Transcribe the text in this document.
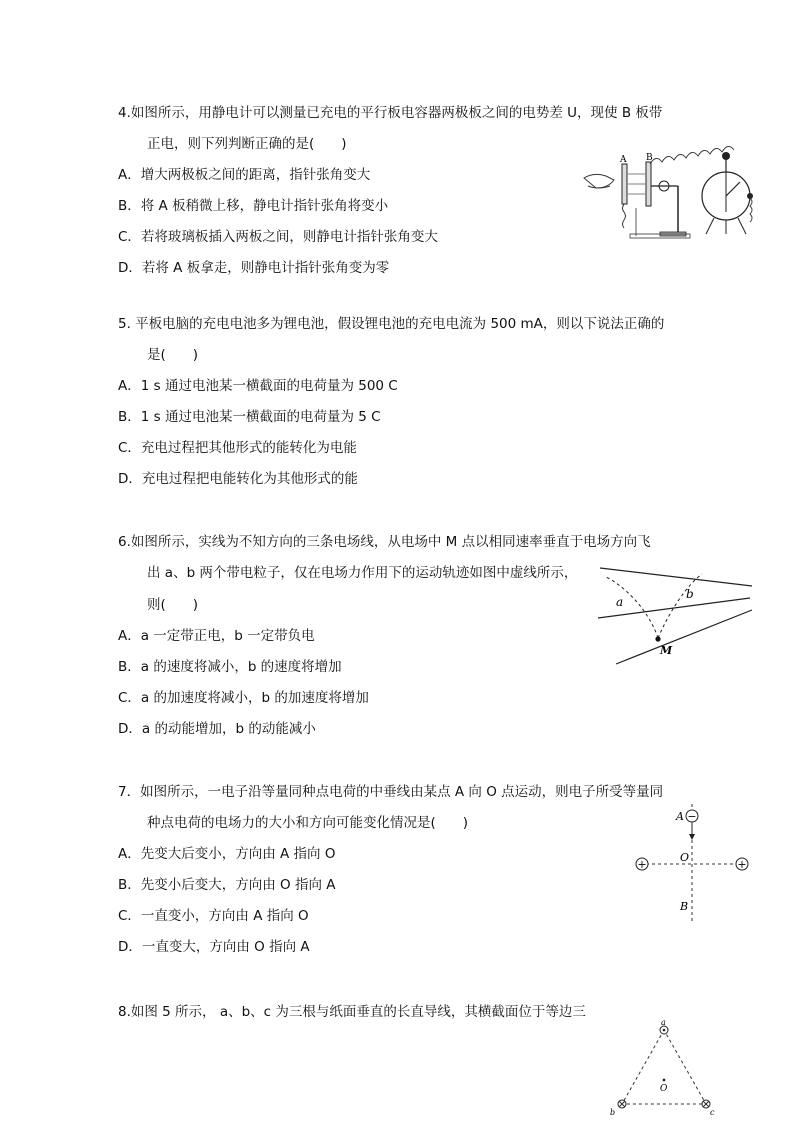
4.如图所示，用静电计可以测量已充电的平行板电容器两极板之间的电势差 U，现使 B 板带
正电，则下列判断正确的是(　　)
A．增大两极板之间的距离，指针张角变大
B．将 A 板稍微上移，静电计指针张角将变小
C．若将玻璃板插入两板之间，则静电计指针张角变大
D．若将 A 板拿走，则静电计指针张角变为零
A B
5. 平板电脑的充电电池多为锂电池，假设锂电池的充电电流为 500 mA，则以下说法正确的
是(　　)
A．1 s 通过电池某一横截面的电荷量为 500 C
B．1 s 通过电池某一横截面的电荷量为 5 C
C．充电过程把其他形式的能转化为电能
D．充电过程把电能转化为其他形式的能
6.如图所示，实线为不知方向的三条电场线，从电场中 M 点以相同速率垂直于电场方向飞
出 a、b 两个带电粒子，仅在电场力作用下的运动轨迹如图中虚线所示，
则(　　)
A．a 一定带正电，b 一定带负电
B．a 的速度将减小，b 的速度将增加
C．a 的加速度将减小，b 的加速度将增加
D．a 的动能增加，b 的动能减小
a
b
M
7．如图所示，一电子沿等量同种点电荷的中垂线由某点 A 向 O 点运动，则电子所受等量同
种点电荷的电场力的大小和方向可能变化情况是(　　)
A．先变大后变小，方向由 A 指向 O
B．先变小后变大，方向由 O 指向 A
C．一直变小，方向由 A 指向 O
D．一直变大，方向由 O 指向 A
−
+	+
A
O
B
8.如图 5 所示， a、b、c 为三根与纸面垂直的长直导线，其横截面位于等边三
a
b	c
O
